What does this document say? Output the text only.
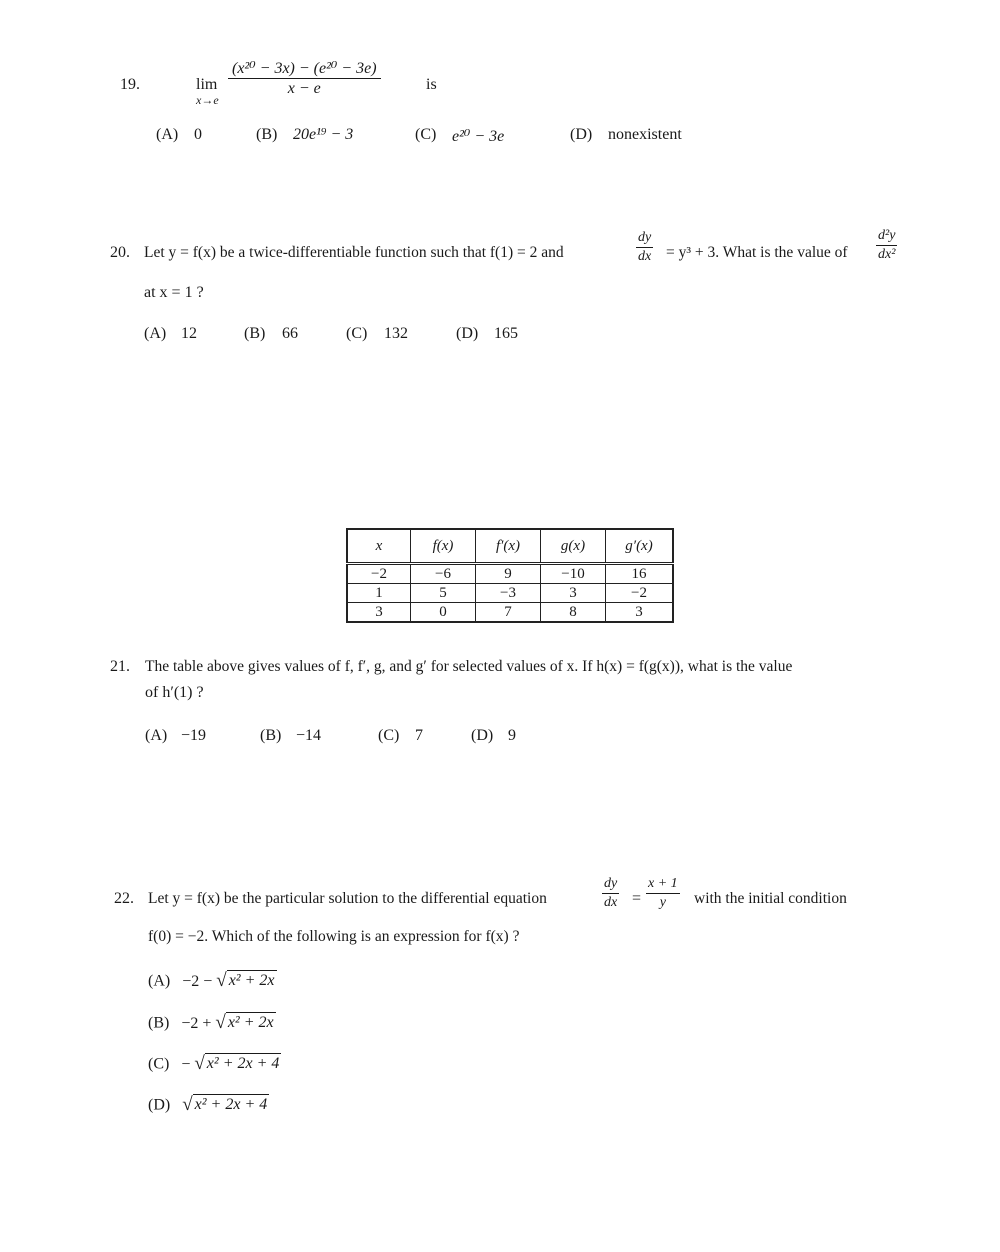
19.	lim
x→e
$\frac{\text{(x²⁰ − 3x) − (e²⁰ − 3e)}}{x - e}$	is
(A) 0	(B) 20e¹⁹ − 3	(C) e²⁰ − 3e	(D) nonexistent
20. Let y = f(x) be a twice-differentiable function such that f(1) = 2 and	$\frac{dy}{dx} = y^3 + 3$. What is the value of $\frac{\text{d²y}}{\text{dx²}}$
at x = 1 ?
(A) 12	(B) 66	(C) 132	(D) 165
x	f(x)	f′(x)	g(x)	g′(x)
−2	−6	9	−10	16
1	5	−3	3	−2
3	0	7	8	3
21. The table above gives values of f, f′, g, and g′ for selected values of x. If h(x) = f(g(x)), what is the value
of h′(1) ?
(A) −19	(B) −14	(C) 7	(D) 9
22. Let y = f(x) be the particular solution to the differential equation	$\frac{dy}{dx} = \frac{x + 1}{y}$ with the initial condition
f(0) = −2. Which of the following is an expression for f(x) ?
(A) −2 − √ x² + 2x
(B) −2 + √ x² + 2x
(C) − √ x² + 2x + 4
(D) √ x² + 2x + 4
